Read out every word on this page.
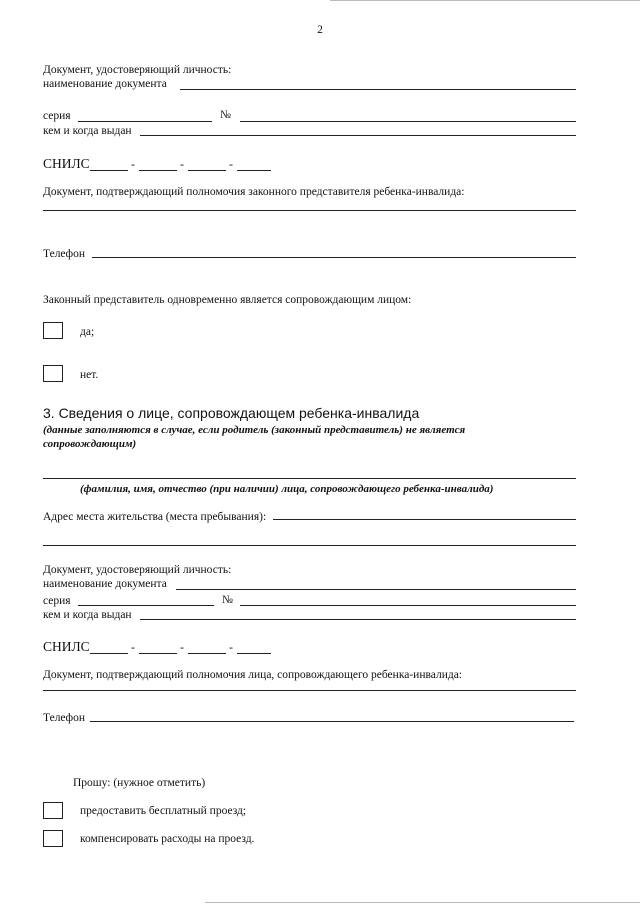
2
Документ, удостоверяющий личность:
наименование документа
серия	№
кем и когда выдан
СНИЛС	-	-	-
Документ, подтверждающий полномочия законного представителя ребенка-инвалида:
Телефон
Законный представитель одновременно является сопровождающим лицом:
да;
нет.
3. Сведения о лице, сопровождающем ребенка-инвалида
(данные заполняются в случае, если родитель (законный представитель) не является
сопровождающим)
(фамилия, имя, отчество (при наличии) лица, сопровождающего ребенка-инвалида)
Адрес места жительства (места пребывания):
Документ, удостоверяющий личность:
наименование документа
серия	№
кем и когда выдан
СНИЛС	-	-	-
Документ, подтверждающий полномочия лица, сопровождающего ребенка-инвалида:
Телефон
Прошу: (нужное отметить)
предоставить бесплатный проезд;
компенсировать расходы на проезд.
